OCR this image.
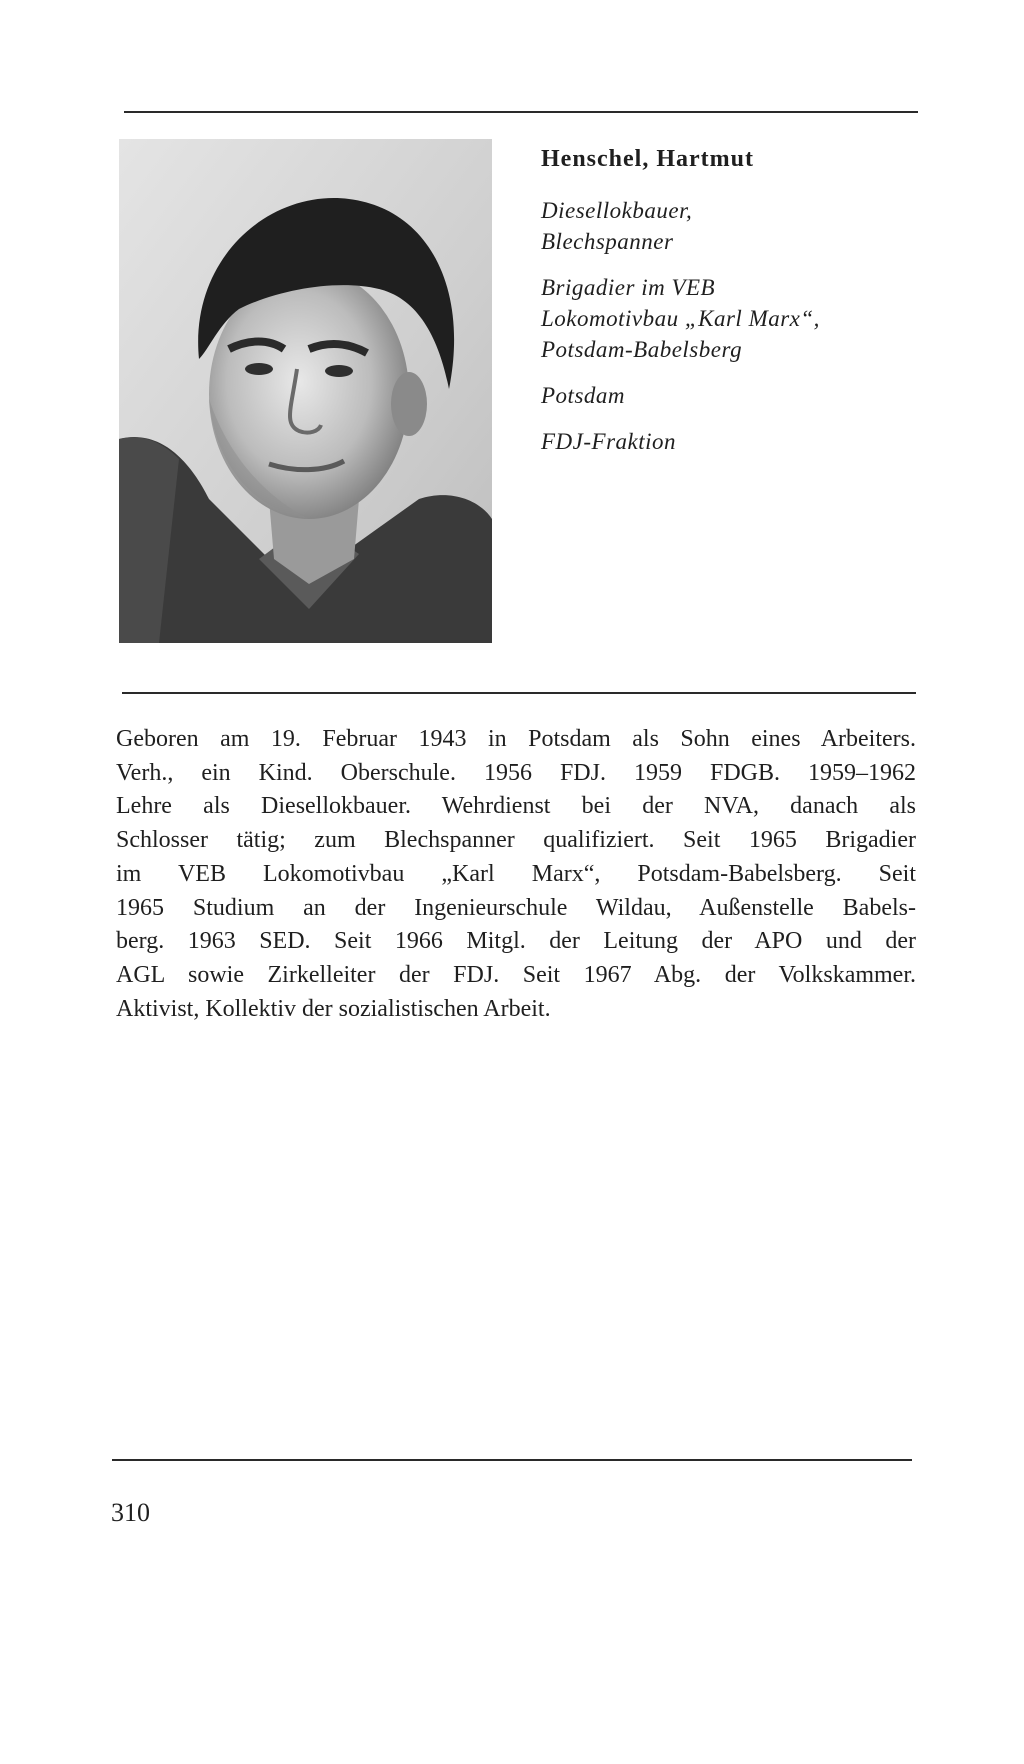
Henschel, Hartmut

Diesellokbauer,
Blechspanner

Brigadier im VEB
Lokomotivbau „Karl Marx“,
Potsdam-Babelsberg

Potsdam

FDJ-Fraktion

Geboren am 19. Februar 1943 in Potsdam als Sohn eines Arbeiters.
Verh., ein Kind. Oberschule. 1956 FDJ. 1959 FDGB. 1959–1962
Lehre als Diesellokbauer. Wehrdienst bei der NVA, danach als
Schlosser tätig; zum Blechspanner qualifiziert. Seit 1965 Brigadier
im VEB Lokomotivbau „Karl Marx“, Potsdam-Babelsberg. Seit
1965 Studium an der Ingenieurschule Wildau, Außenstelle Babels-
berg. 1963 SED. Seit 1966 Mitgl. der Leitung der APO und der
AGL sowie Zirkelleiter der FDJ. Seit 1967 Abg. der Volkskammer.
Aktivist, Kollektiv der sozialistischen Arbeit.
310
